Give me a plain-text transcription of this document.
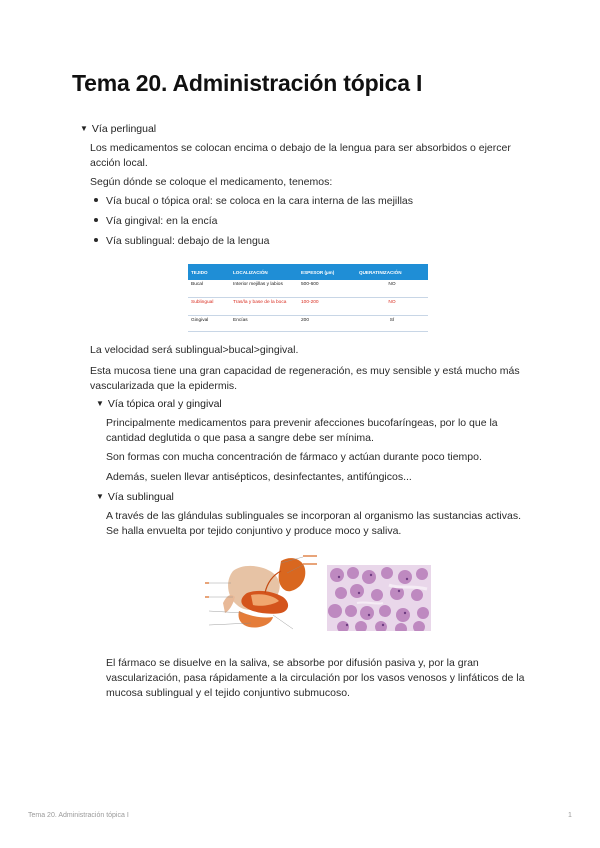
Tema 20. Administración tópica I
▼ Vía perlingual

Los medicamentos se colocan encima o debajo de la lengua para ser absorbidos o ejercer acción local.

Según dónde se coloque el medicamento, tenemos:

Vía bucal o tópica oral: se coloca en la cara interna de las mejillas
Vía gingival: en la encía
Vía sublingual: debajo de la lengua
TEJIDO	LOCALIZACIÓN	ESPESOR (µm)	QUERATINIZACIÓN
Bucal	Interior mejillas y labios	500-600	NO
Sublingual	Tras/la y base de la boca	100-200	NO
Gingival	Encías	200	SÍ

La velocidad será sublingual>bucal>gingival.

Esta mucosa tiene una gran capacidad de regeneración, es muy sensible y está mucho más vascularizada que la epidermis.

▼ Vía tópica oral y gingival

Principalmente medicamentos para prevenir afecciones bucofaríngeas, por lo que la cantidad deglutida o que pasa a sangre debe ser mínima.

Son formas con mucha concentración de fármaco y actúan durante poco tiempo.

Además, suelen llevar antisépticos, desinfectantes, antifúngicos...

▼ Vía sublingual

A través de las glándulas sublinguales se incorporan al organismo las sustancias activas. Se halla envuelta por tejido conjuntivo y produce moco y saliva.

El fármaco se disuelve en la saliva, se absorbe por difusión pasiva y, por la gran vascularización, pasa rápidamente a la circulación por los vasos venosos y linfáticos de la mucosa sublingual y el tejido conjuntivo submucoso.

Tema 20. Administración tópica I	1
